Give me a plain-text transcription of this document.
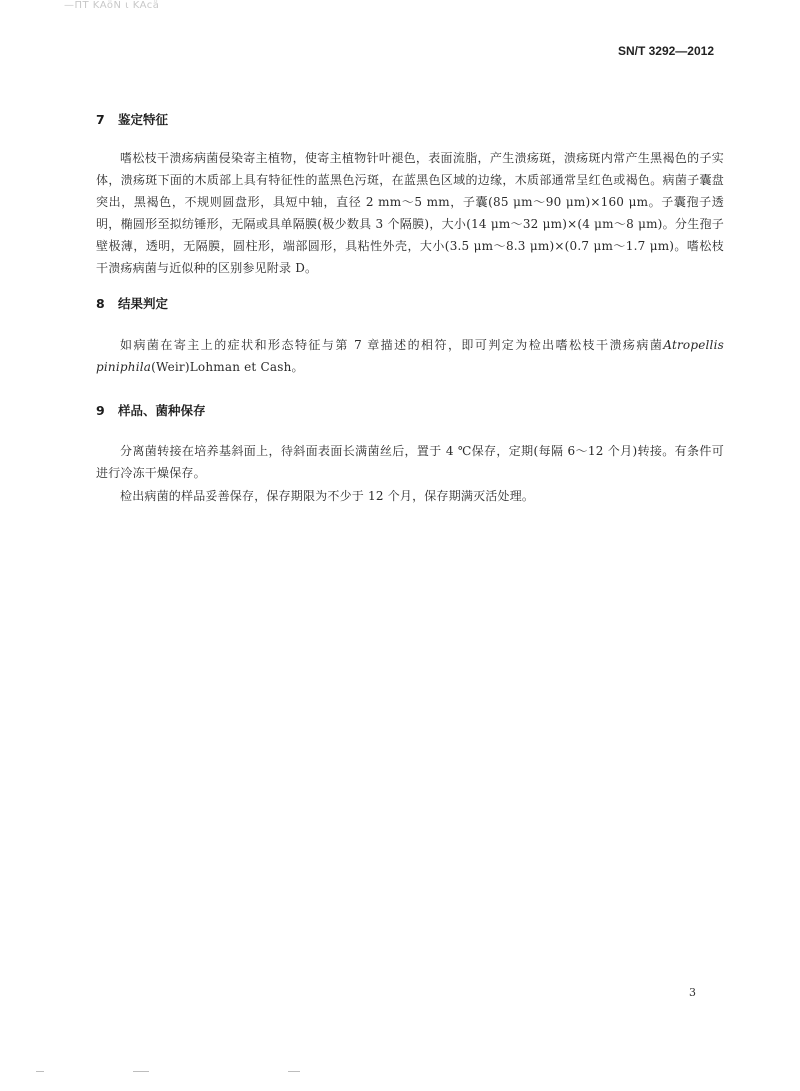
—ΠΤ KAöN ι KAcä
SN/T 3292—2012
7 鉴定特征
嗜松枝干溃疡病菌侵染寄主植物，使寄主植物针叶褪色，表面流脂，产生溃疡斑，溃疡斑内常产生黑褐色的子实体，溃疡斑下面的木质部上具有特征性的蓝黑色污斑，在蓝黑色区域的边缘，木质部通常呈红色或褐色。病菌子囊盘突出，黑褐色，不规则圆盘形，具短中轴，直径 2 mm～5 mm，子囊(85 μm～90 μm)×160 μm。子囊孢子透明，椭圆形至拟纺锤形，无隔或具单隔膜(极少数具 3 个隔膜)，大小(14 μm～32 μm)×(4 μm～8 μm)。分生孢子壁极薄，透明，无隔膜，圆柱形，端部圆形，具粘性外壳，大小(3.5 μm～8.3 μm)×(0.7 μm～1.7 μm)。嗜松枝干溃疡病菌与近似种的区别参见附录 D。
8 结果判定
如病菌在寄主上的症状和形态特征与第 7 章描述的相符，即可判定为检出嗜松枝干溃疡病菌Atropellis piniphila(Weir)Lohman et Cash。
9 样品、菌种保存
分离菌转接在培养基斜面上，待斜面表面长满菌丝后，置于 4 ℃保存，定期(每隔 6～12 个月)转接。有条件可进行冷冻干燥保存。
检出病菌的样品妥善保存，保存期限为不少于 12 个月，保存期满灭活处理。
3
